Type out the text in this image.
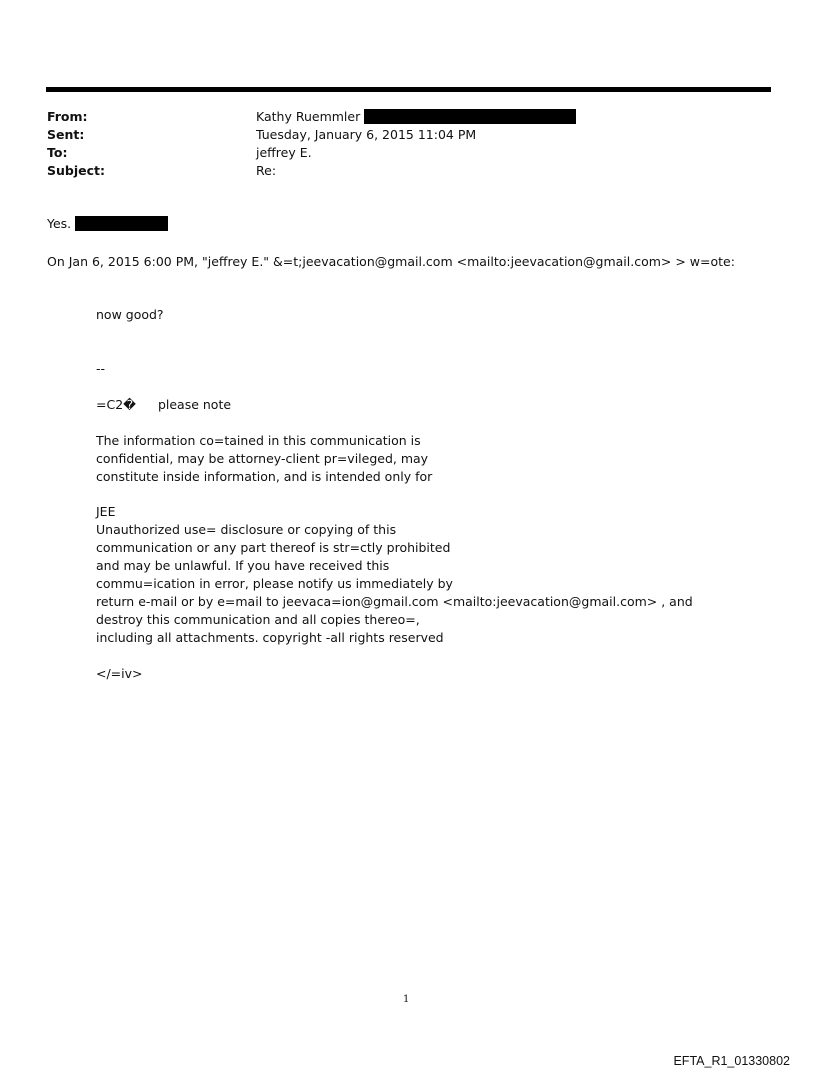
From:	Kathy Ruemmler
Sent:	Tuesday, January 6, 2015 11:04 PM
To:	jeffrey E.
Subject:	Re:
Yes.
On Jan 6, 2015 6:00 PM, "jeffrey E." &=t;jeevacation@gmail.com <mailto:jeevacation@gmail.com> > w=ote:
now good?
--
=C2� please note
The information co=tained in this communication is
confidential, may be attorney-client pr=vileged, may
constitute inside information, and is intended only for
JEE
Unauthorized use= disclosure or copying of this
communication or any part thereof is str=ctly prohibited
and may be unlawful. If you have received this
commu=ication in error, please notify us immediately by
return e-mail or by e=mail to jeevaca=ion@gmail.com <mailto:jeevacation@gmail.com> , and
destroy this communication and all copies thereo=,
including all attachments. copyright -all rights reserved
</=iv>
1
EFTA_R1_01330802
